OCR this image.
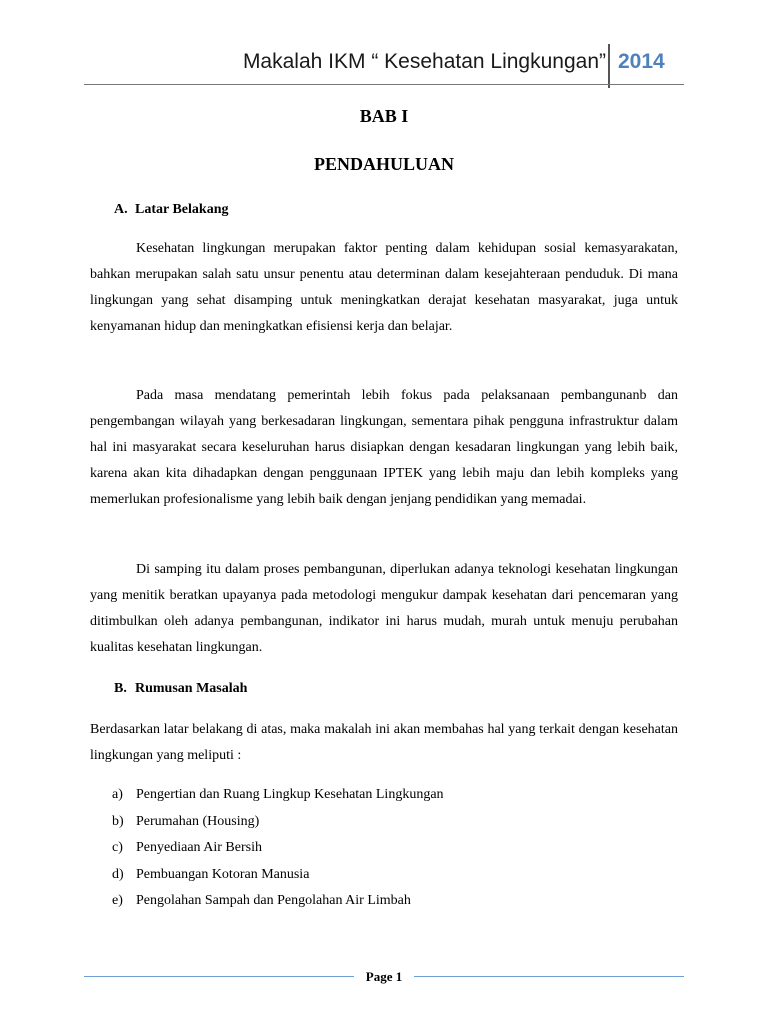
Makalah IKM “ Kesehatan Lingkungan” 2014
BAB I
PENDAHULUAN
A. Latar Belakang

Kesehatan lingkungan merupakan faktor penting dalam kehidupan sosial kemasyarakatan, bahkan merupakan salah satu unsur penentu atau determinan dalam kesejahteraan penduduk. Di mana lingkungan yang sehat disamping untuk meningkatkan derajat kesehatan masyarakat, juga untuk kenyamanan hidup dan meningkatkan efisiensi kerja dan belajar.

Pada masa mendatang pemerintah lebih fokus pada pelaksanaan pembangunanb dan pengembangan wilayah yang berkesadaran lingkungan, sementara pihak pengguna infrastruktur dalam hal ini masyarakat secara keseluruhan harus disiapkan dengan kesadaran lingkungan yang lebih baik, karena akan kita dihadapkan dengan penggunaan IPTEK yang lebih maju dan lebih kompleks yang memerlukan profesionalisme yang lebih baik dengan jenjang pendidikan yang memadai.

Di samping itu dalam proses pembangunan, diperlukan adanya teknologi kesehatan lingkungan yang menitik beratkan upayanya pada metodologi mengukur dampak kesehatan dari pencemaran yang ditimbulkan oleh adanya pembangunan, indikator ini harus mudah, murah untuk menuju perubahan kualitas kesehatan lingkungan.

B. Rumusan Masalah

Berdasarkan latar belakang di atas, maka makalah ini akan membahas hal yang terkait dengan kesehatan lingkungan yang meliputi :

a) Pengertian dan Ruang Lingkup Kesehatan Lingkungan
b) Perumahan (Housing)
c) Penyediaan Air Bersih
d) Pembuangan Kotoran Manusia
e) Pengolahan Sampah dan Pengolahan Air Limbah
Page 1
